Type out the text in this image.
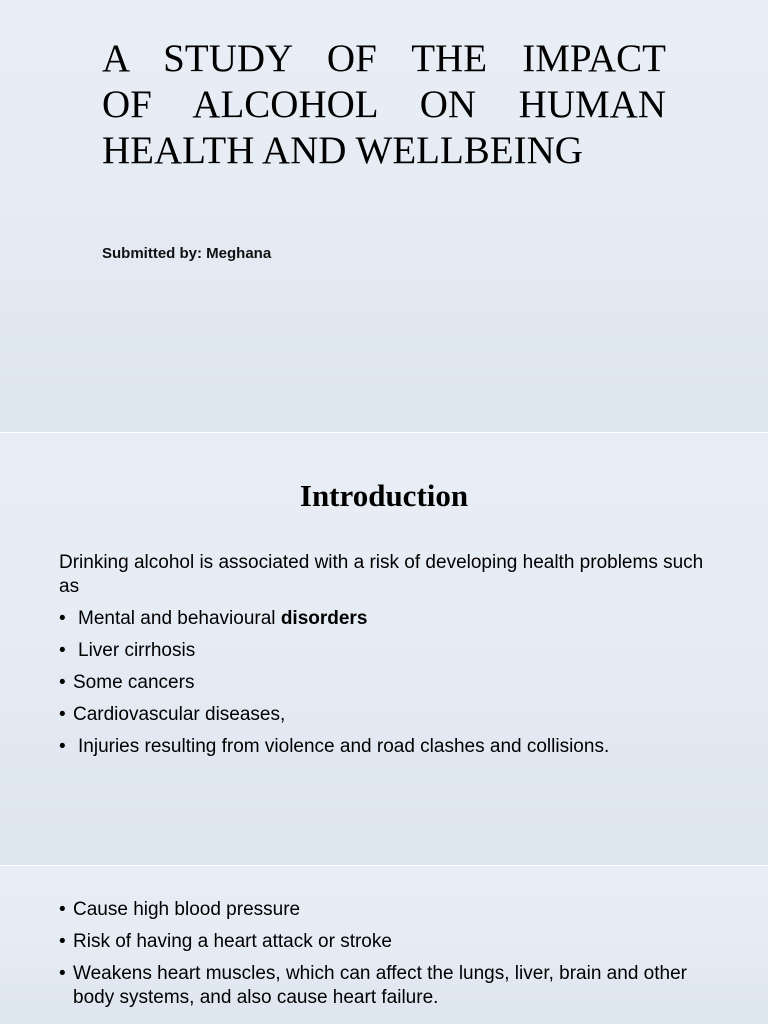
A STUDY OF THE IMPACT
OF ALCOHOL ON HUMAN
HEALTH AND WELLBEING

Submitted by: Meghana

Introduction

Drinking alcohol is associated with a risk of developing health problems such as

• Mental and behavioural disorders
• Liver cirrhosis
• Some cancers
• Cardiovascular diseases,
• Injuries resulting from violence and road clashes and collisions.
• Cause high blood pressure
• Risk of having a heart attack or stroke
• Weakens heart muscles, which can affect the lungs, liver, brain and other body systems, and also cause heart failure.
